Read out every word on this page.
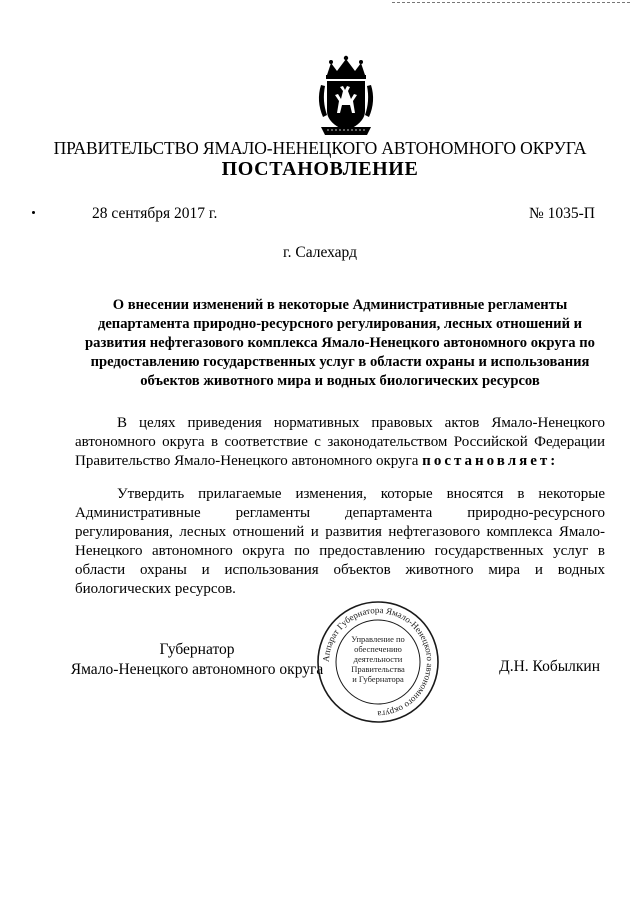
ПРАВИТЕЛЬСТВО ЯМАЛО-НЕНЕЦКОГО АВТОНОМНОГО ОКРУГА
ПОСТАНОВЛЕНИЕ
28 сентября 2017 г.	№ 1035-П
г. Салехард
О внесении изменений в некоторые Административные регламенты департамента природно-ресурсного регулирования, лесных отношений и развития нефтегазового комплекса Ямало-Ненецкого автономного округа по предоставлению государственных услуг в области охраны и использования объектов животного мира и водных биологических ресурсов
В целях приведения нормативных правовых актов Ямало-Ненецкого автономного округа в соответствие с законодательством Российской Федерации Правительство Ямало-Ненецкого автономного округа постановляет:
Утвердить прилагаемые изменения, которые вносятся в некоторые Административные регламенты департамента природно-ресурсного регулирования, лесных отношений и развития нефтегазового комплекса Ямало-Ненецкого автономного округа по предоставлению государственных услуг в области охраны и использования объектов животного мира и водных биологических ресурсов.
Губернатор
Ямало-Ненецкого автономного округа	Д.Н. Кобылкин
Аппарат Губернатора Ямало-Ненецкого автономного округа
Управление по
обеспечению
деятельности
Правительства
и Губернатора
